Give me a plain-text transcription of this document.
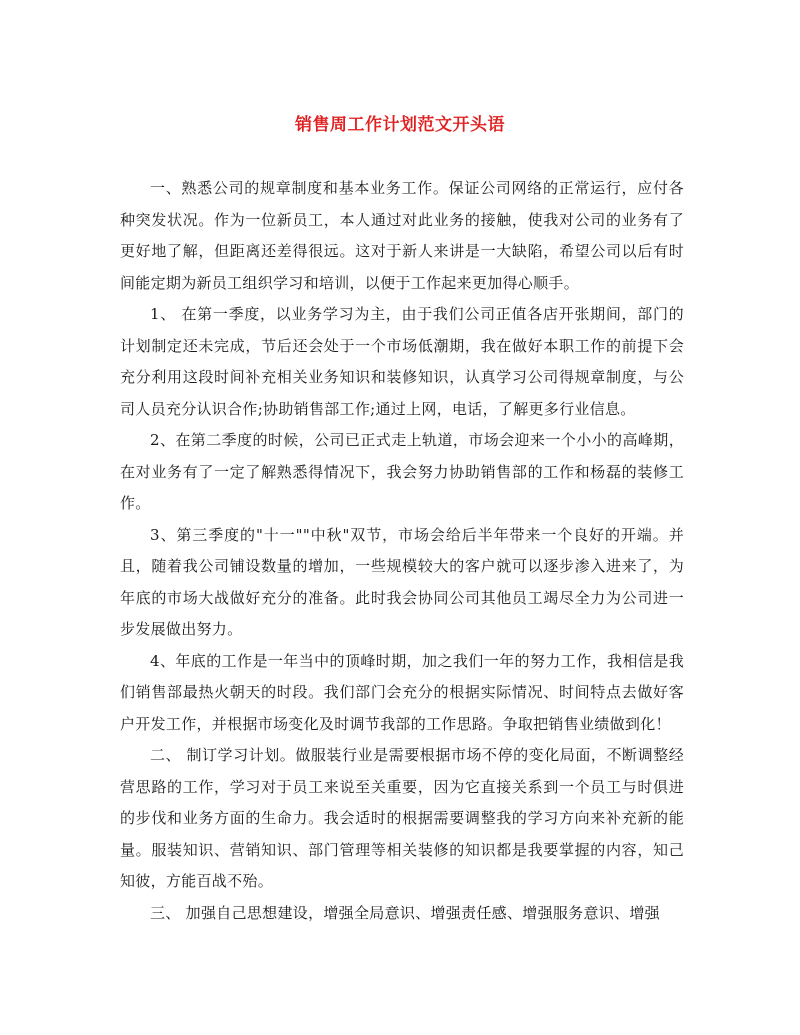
销售周工作计划范文开头语

一、熟悉公司的规章制度和基本业务工作。保证公司网络的正常运行，应付各种突发状况。作为一位新员工，本人通过对此业务的接触，使我对公司的业务有了更好地了解，但距离还差得很远。这对于新人来讲是一大缺陷，希望公司以后有时间能定期为新员工组织学习和培训，以便于工作起来更加得心顺手。

1、 在第一季度，以业务学习为主，由于我们公司正值各店开张期间，部门的计划制定还未完成，节后还会处于一个市场低潮期，我在做好本职工作的前提下会充分利用这段时间补充相关业务知识和装修知识，认真学习公司得规章制度，与公司人员充分认识合作;协助销售部工作;通过上网，电话，了解更多行业信息。

2、在第二季度的时候，公司已正式走上轨道，市场会迎来一个小小的高峰期，在对业务有了一定了解熟悉得情况下，我会努力协助销售部的工作和杨磊的装修工作。

3、第三季度的"十一""中秋"双节，市场会给后半年带来一个良好的开端。并且，随着我公司铺设数量的增加，一些规模较大的客户就可以逐步渗入进来了，为年底的市场大战做好充分的准备。此时我会协同公司其他员工竭尽全力为公司进一步发展做出努力。

4、年底的工作是一年当中的顶峰时期，加之我们一年的努力工作，我相信是我们销售部最热火朝天的时段。我们部门会充分的根据实际情况、时间特点去做好客户开发工作，并根据市场变化及时调节我部的工作思路。争取把销售业绩做到化！

二、 制订学习计划。做服装行业是需要根据市场不停的变化局面，不断调整经营思路的工作，学习对于员工来说至关重要，因为它直接关系到一个员工与时俱进的步伐和业务方面的生命力。我会适时的根据需要调整我的学习方向来补充新的能量。服装知识、营销知识、部门管理等相关装修的知识都是我要掌握的内容，知己知彼，方能百战不殆。

三、 加强自己思想建设，增强全局意识、增强责任感、增强服务意识、增强
